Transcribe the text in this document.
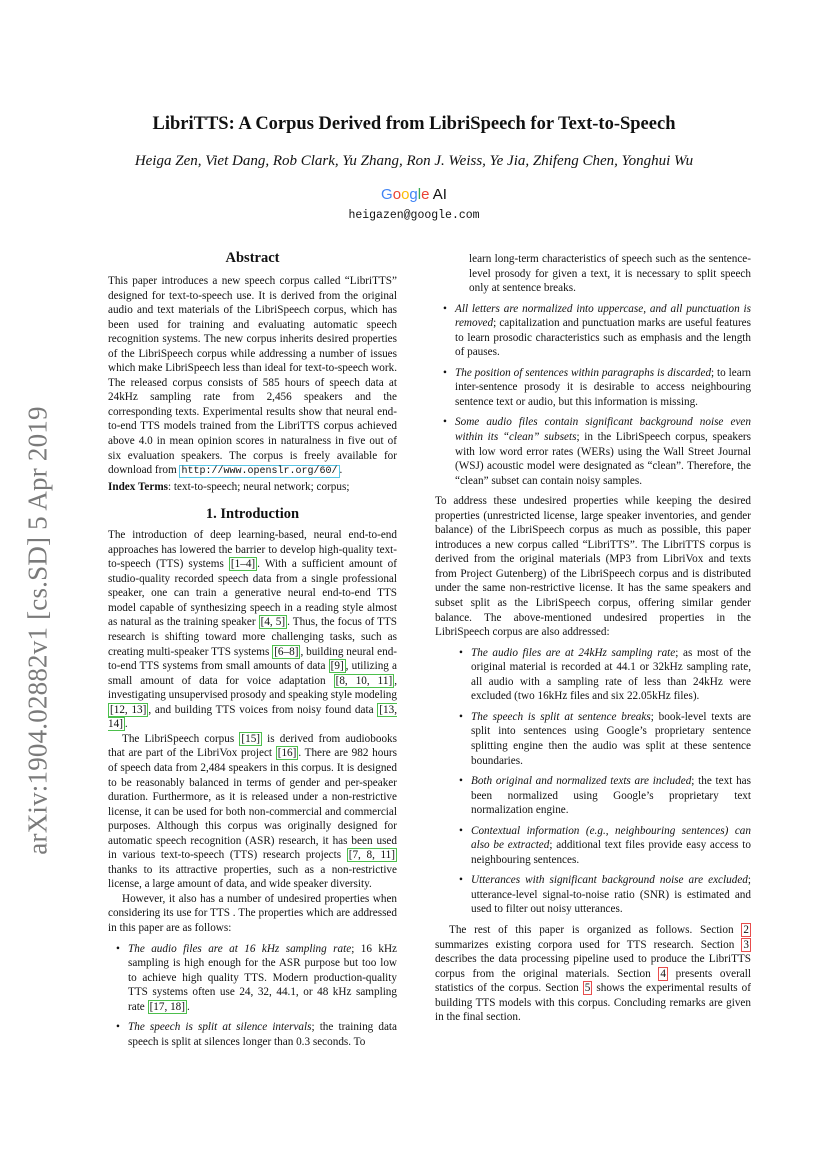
arXiv:1904.02882v1 [cs.SD] 5 Apr 2019
LibriTTS: A Corpus Derived from LibriSpeech for Text-to-Speech
Heiga Zen, Viet Dang, Rob Clark, Yu Zhang, Ron J. Weiss, Ye Jia, Zhifeng Chen, Yonghui Wu
Google AI
heigazen@google.com
Abstract

This paper introduces a new speech corpus called “LibriTTS” designed for text-to-speech use. It is derived from the original audio and text materials of the LibriSpeech corpus, which has been used for training and evaluating automatic speech recognition systems. The new corpus inherits desired properties of the LibriSpeech corpus while addressing a number of issues which make LibriSpeech less than ideal for text-to-speech work. The released corpus consists of 585 hours of speech data at 24kHz sampling rate from 2,456 speakers and the corresponding texts. Experimental results show that neural end-to-end TTS models trained from the LibriTTS corpus achieved above 4.0 in mean opinion scores in naturalness in five out of six evaluation speakers. The corpus is freely available for download from http://www.openslr.org/60/ .

Index Terms: text-to-speech; neural network; corpus;

1. Introduction

The introduction of deep learning-based, neural end-to-end approaches has lowered the barrier to develop high-quality text-to-speech (TTS) systems [1–4] . With a sufficient amount of studio-quality recorded speech data from a single professional speaker, one can train a generative neural end-to-end TTS model capable of synthesizing speech in a reading style almost as natural as the training speaker [4, 5] . Thus, the focus of TTS research is shifting toward more challenging tasks, such as creating multi-speaker TTS systems [6–8] , building neural end-to-end TTS systems from small amounts of data [9] , utilizing a small amount of data for voice adaptation [8, 10, 11] , investigating unsupervised prosody and speaking style modeling [12, 13] , and building TTS voices from noisy found data [13, 14] .

The LibriSpeech corpus [15] is derived from audiobooks that are part of the LibriVox project [16] . There are 982 hours of speech data from 2,484 speakers in this corpus. It is designed to be reasonably balanced in terms of gender and per-speaker duration. Furthermore, as it is released under a non-restrictive license, it can be used for both non-commercial and commercial purposes. Although this corpus was originally designed for automatic speech recognition (ASR) research, it has been used in various text-to-speech (TTS) research projects [7, 8, 11] thanks to its attractive properties, such as a non-restrictive license, a large amount of data, and wide speaker diversity.

However, it also has a number of undesired properties when considering its use for TTS . The properties which are addressed in this paper are as follows:

• The audio files are at 16 kHz sampling rate; 16 kHz sampling is high enough for the ASR purpose but too low to achieve high quality TTS. Modern production-quality TTS systems often use 24, 32, 44.1, or 48 kHz sampling rate [17, 18] .
• The speech is split at silence intervals; the training data speech is split at silences longer than 0.3 seconds. To

learn long-term characteristics of speech such as the sentence-level prosody for given a text, it is necessary to split speech only at sentence breaks.

• All letters are normalized into uppercase, and all punctuation is removed; capitalization and punctuation marks are useful features to learn prosodic characteristics such as emphasis and the length of pauses.
• The position of sentences within paragraphs is discarded; to learn inter-sentence prosody it is desirable to access neighbouring sentence text or audio, but this information is missing.
• Some audio files contain significant background noise even within its “clean” subsets; in the LibriSpeech corpus, speakers with low word error rates (WERs) using the Wall Street Journal (WSJ) acoustic model were designated as “clean”. Therefore, the “clean” subset can contain noisy samples.

To address these undesired properties while keeping the desired properties (unrestricted license, large speaker inventories, and gender balance) of the LibriSpeech corpus as much as possible, this paper introduces a new corpus called “LibriTTS”. The LibriTTS corpus is derived from the original materials (MP3 from LibriVox and texts from Project Gutenberg) of the LibriSpeech corpus and is distributed under the same non-restrictive license. It has the same speakers and subset split as the LibriSpeech corpus, offering similar gender balance. The above-mentioned undesired properties in the LibriSpeech corpus are also addressed:

• The audio files are at 24kHz sampling rate; as most of the original material is recorded at 44.1 or 32kHz sampling rate, all audio with a sampling rate of less than 24kHz were excluded (two 16kHz files and six 22.05kHz files).
• The speech is split at sentence breaks; book-level texts are split into sentences using Google’s proprietary sentence splitting engine then the audio was split at these sentence boundaries.
• Both original and normalized texts are included; the text has been normalized using Google’s proprietary text normalization engine.
• Contextual information (e.g., neighbouring sentences) can also be extracted; additional text files provide easy access to neighbouring sentences.
• Utterances with significant background noise are excluded; utterance-level signal-to-noise ratio (SNR) is estimated and used to filter out noisy utterances.

The rest of this paper is organized as follows. Section 2 summarizes existing corpora used for TTS research. Section 3 describes the data processing pipeline used to produce the LibriTTS corpus from the original materials. Section 4 presents overall statistics of the corpus. Section 5 shows the experimental results of building TTS models with this corpus. Concluding remarks are given in the final section.
